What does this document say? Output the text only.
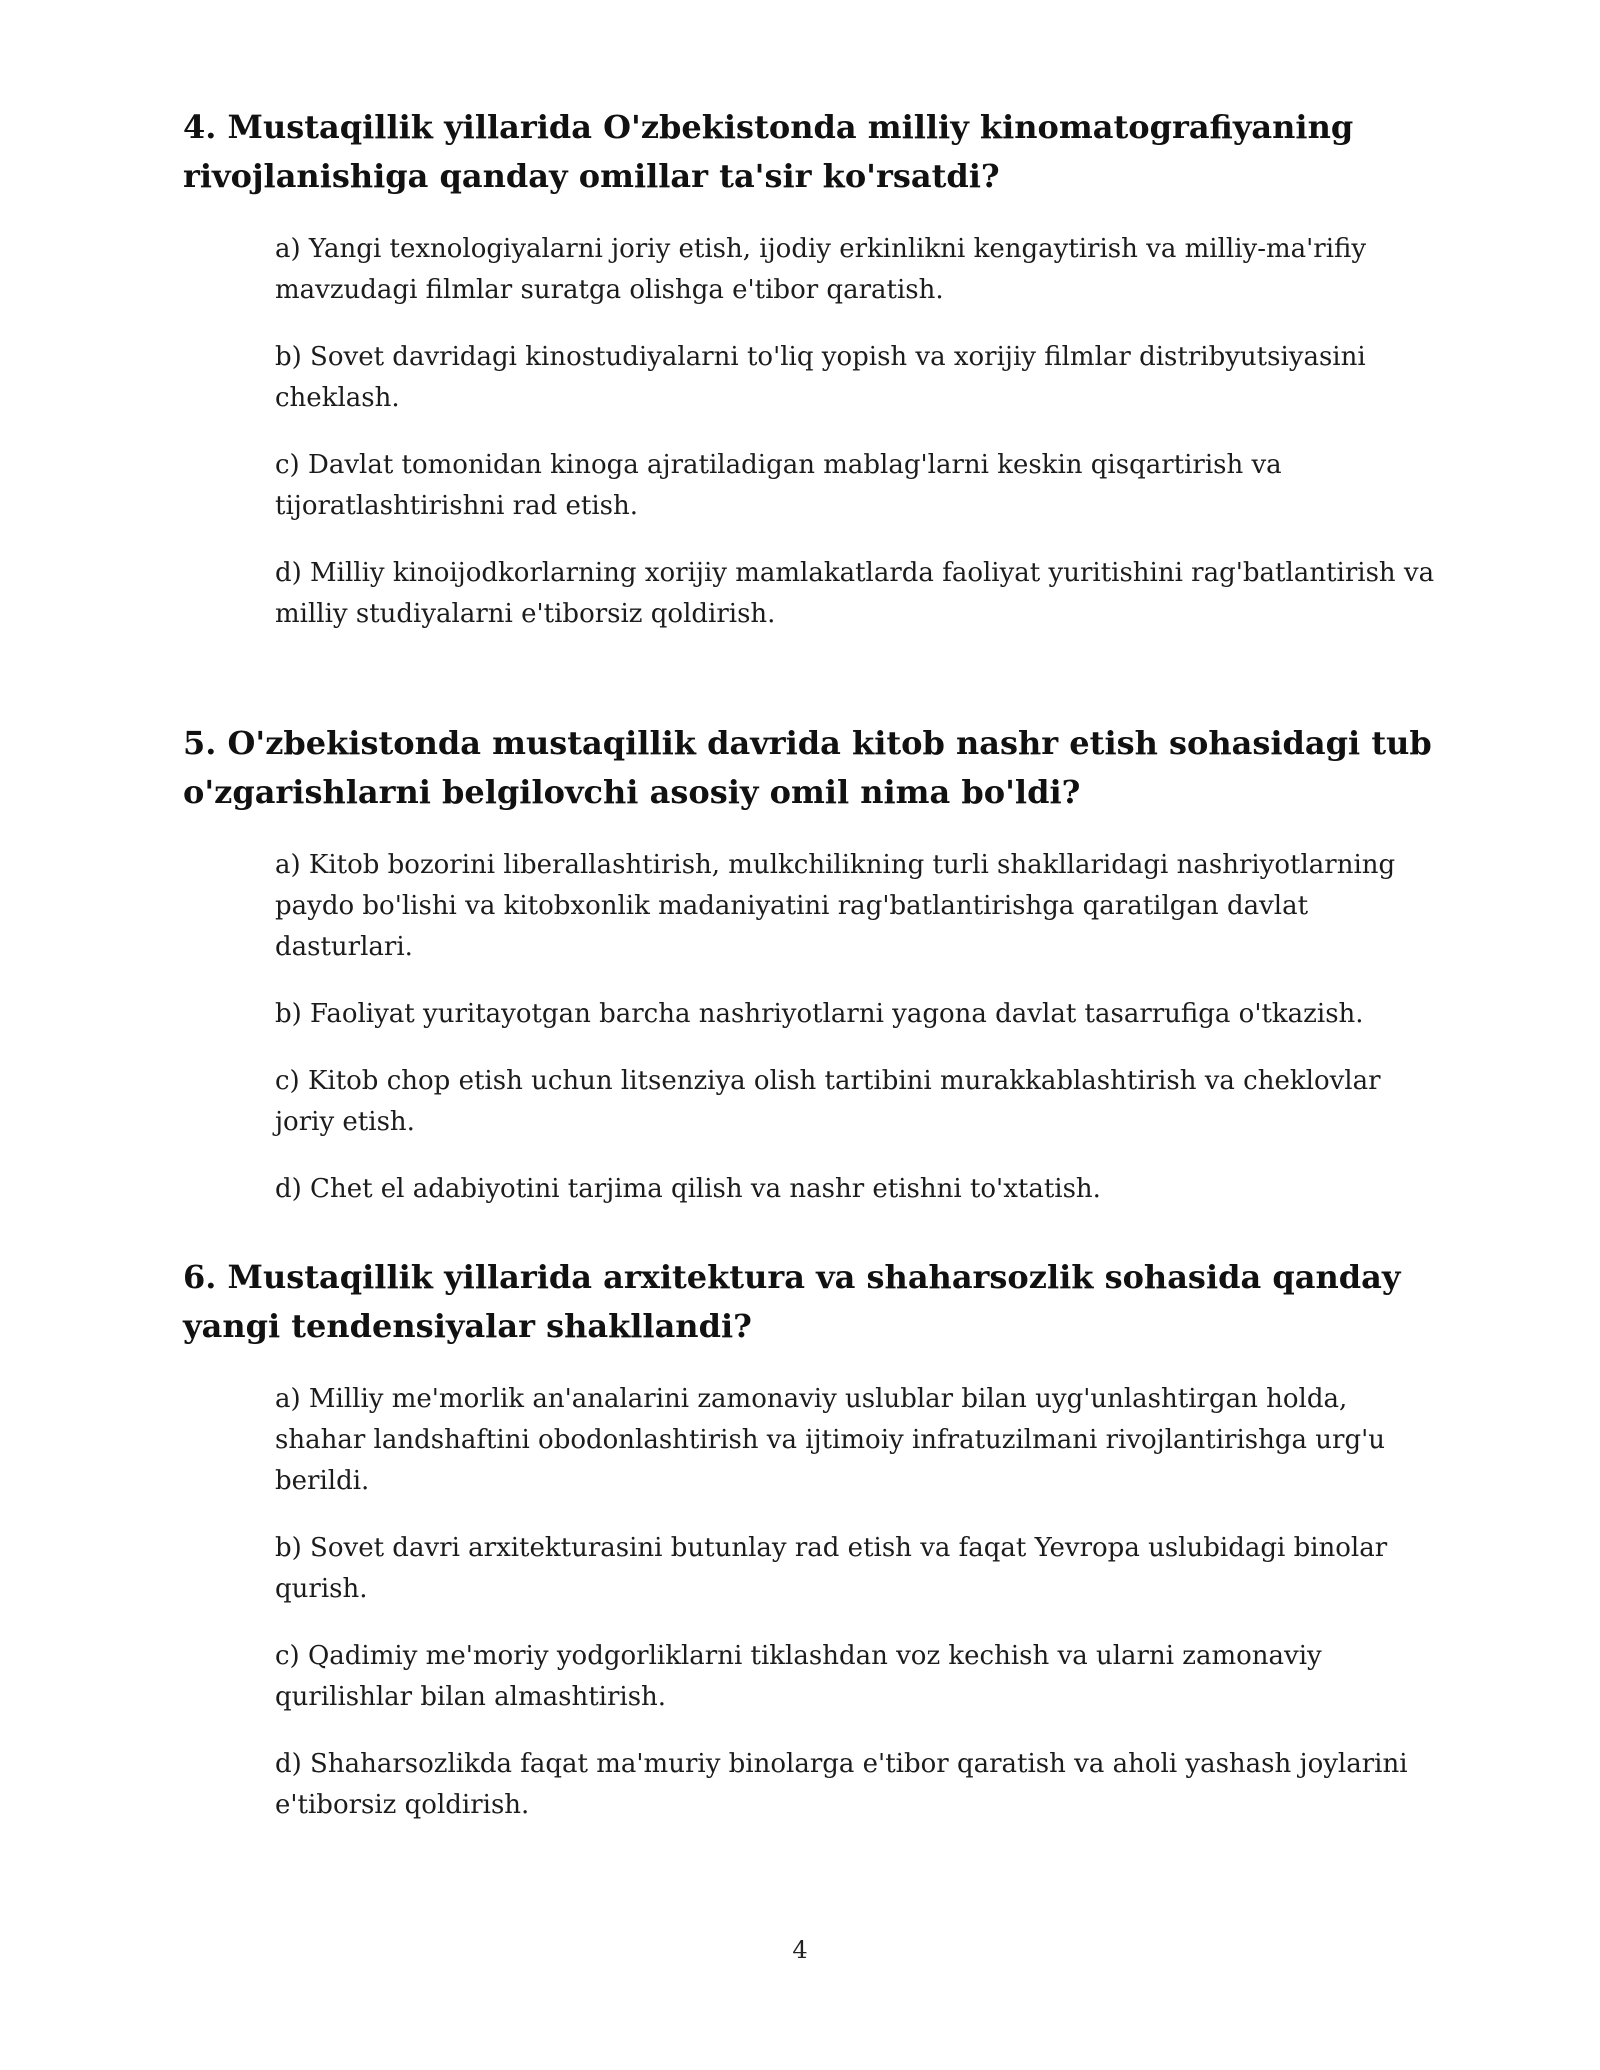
4. Mustaqillik yillarida O'zbekistonda milliy kinomatografiyaning rivojlanishiga qanday omillar ta'sir ko'rsatdi?

a) Yangi texnologiyalarni joriy etish, ijodiy erkinlikni kengaytirish va milliy-ma'rifiy mavzudagi filmlar suratga olishga e'tibor qaratish.

b) Sovet davridagi kinostudiyalarni to'liq yopish va xorijiy filmlar distribyutsiyasini cheklash.

c) Davlat tomonidan kinoga ajratiladigan mablag'larni keskin qisqartirish va tijoratlashtirishni rad etish.

d) Milliy kinoijodkorlarning xorijiy mamlakatlarda faoliyat yuritishini rag'batlantirish va milliy studiyalarni e'tiborsiz qoldirish.

5. O'zbekistonda mustaqillik davrida kitob nashr etish sohasidagi tub o'zgarishlarni belgilovchi asosiy omil nima bo'ldi?

a) Kitob bozorini liberallashtirish, mulkchilikning turli shakllaridagi nashriyotlarning paydo bo'lishi va kitobxonlik madaniyatini rag'batlantirishga qaratilgan davlat dasturlari.

b) Faoliyat yuritayotgan barcha nashriyotlarni yagona davlat tasarrufiga o'tkazish.

c) Kitob chop etish uchun litsenziya olish tartibini murakkablashtirish va cheklovlar joriy etish.

d) Chet el adabiyotini tarjima qilish va nashr etishni to'xtatish.

6. Mustaqillik yillarida arxitektura va shaharsozlik sohasida qanday yangi tendensiyalar shakllandi?

a) Milliy me'morlik an'analarini zamonaviy uslublar bilan uyg'unlashtirgan holda, shahar landshaftini obodonlashtirish va ijtimoiy infratuzilmani rivojlantirishga urg'u berildi.

b) Sovet davri arxitekturasini butunlay rad etish va faqat Yevropa uslubidagi binolar qurish.

c) Qadimiy me'moriy yodgorliklarni tiklashdan voz kechish va ularni zamonaviy qurilishlar bilan almashtirish.

d) Shaharsozlikda faqat ma'muriy binolarga e'tibor qaratish va aholi yashash joylarini e'tiborsiz qoldirish.

4
